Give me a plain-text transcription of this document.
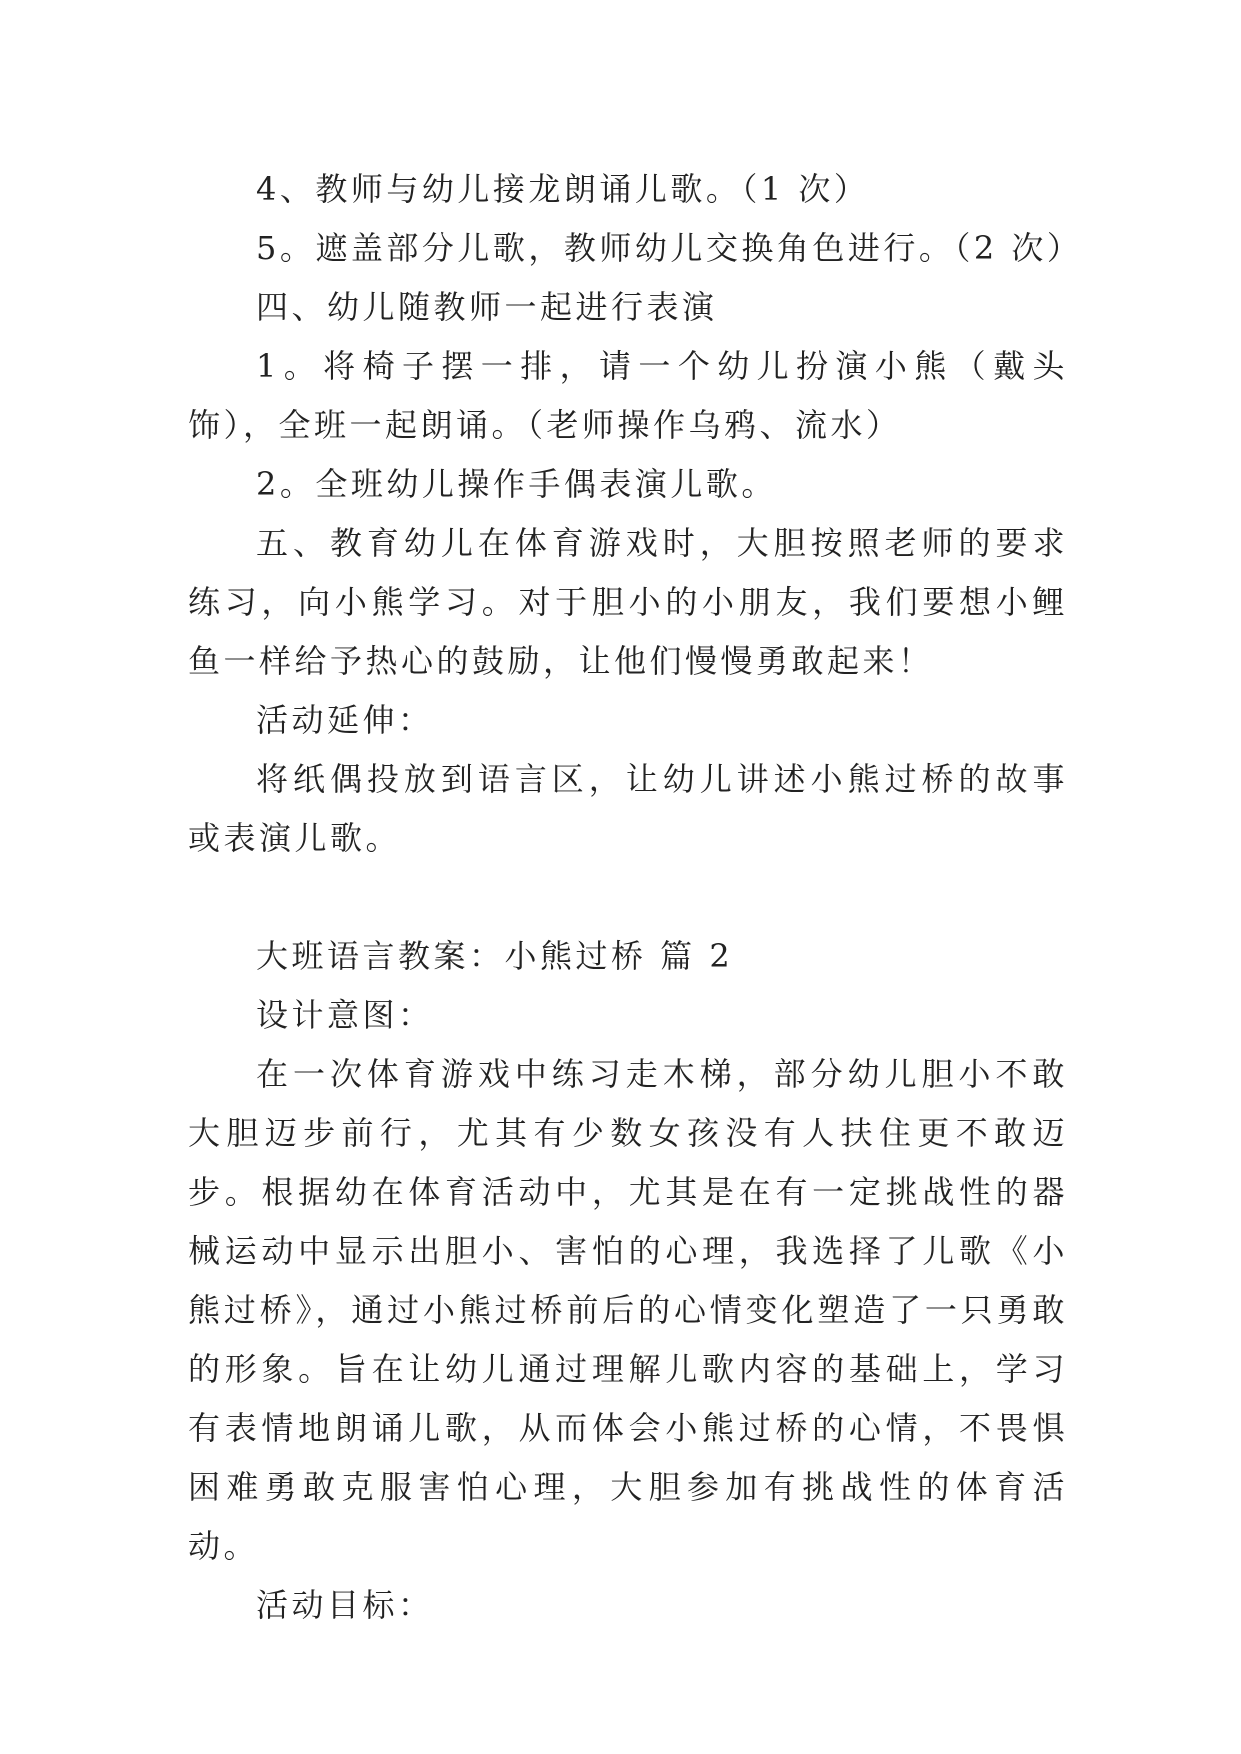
4、教师与幼儿接龙朗诵儿歌。（1 次）

5。遮盖部分儿歌，教师幼儿交换角色进行。（2 次）

四、幼儿随教师一起进行表演

1。将椅子摆一排，请一个幼儿扮演小熊（戴头饰），全班一起朗诵。（老师操作乌鸦、流水）

2。全班幼儿操作手偶表演儿歌。

五、教育幼儿在体育游戏时，大胆按照老师的要求练习，向小熊学习。对于胆小的小朋友，我们要想小鲤鱼一样给予热心的鼓励，让他们慢慢勇敢起来！

活动延伸：

将纸偶投放到语言区，让幼儿讲述小熊过桥的故事或表演儿歌。

大班语言教案：小熊过桥 篇 2

设计意图：

在一次体育游戏中练习走木梯，部分幼儿胆小不敢大胆迈步前行，尤其有少数女孩没有人扶住更不敢迈步。根据幼在体育活动中，尤其是在有一定挑战性的器械运动中显示出胆小、害怕的心理，我选择了儿歌《小熊过桥》，通过小熊过桥前后的心情变化塑造了一只勇敢的形象。旨在让幼儿通过理解儿歌内容的基础上，学习有表情地朗诵儿歌，从而体会小熊过桥的心情，不畏惧困难勇敢克服害怕心理，大胆参加有挑战性的体育活动。

活动目标：
